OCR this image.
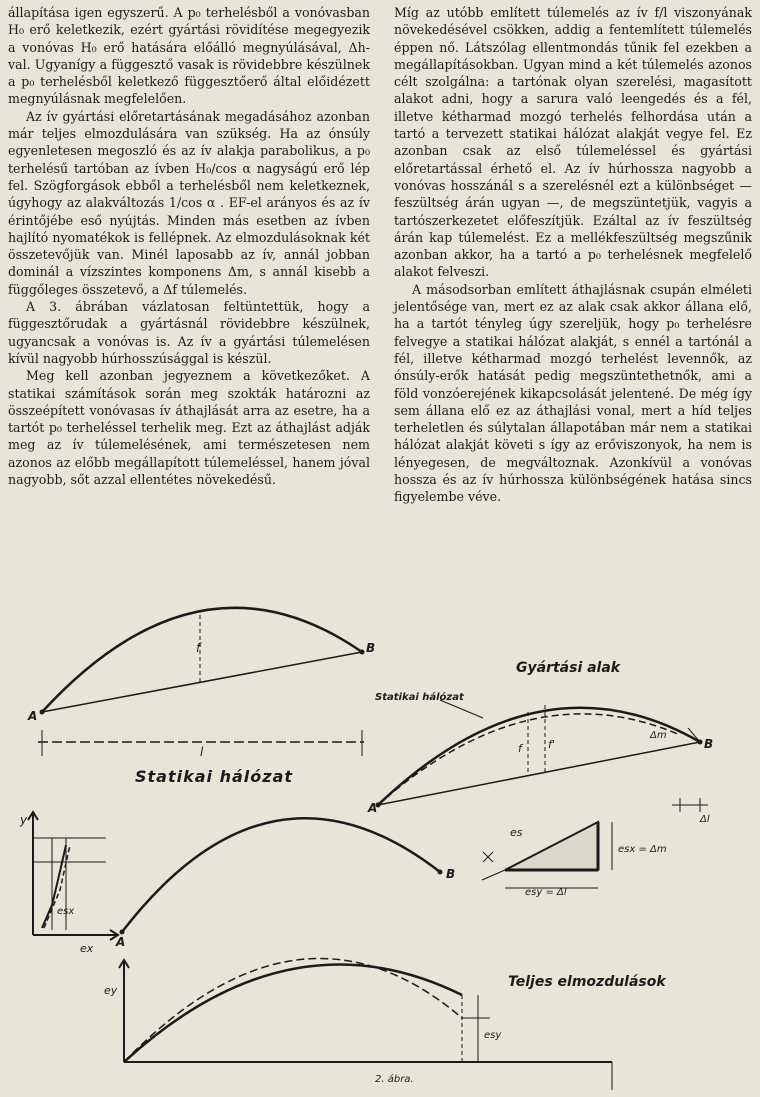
állapítása igen egyszerű. A p₀ terhelésből a vonóvasban H₀ erő keletkezik, ezért gyártási rövidítése megegyezik a vonóvas H₀ erő hatására előálló megnyúlásával, Δh-val. Ugyanígy a függesztő vasak is rövidebbre készülnek a p₀ terhelésből keletkező függesztőerő által előidézett megnyúlásnak megfelelően.

Az ív gyártási előretartásának megadásához azonban már teljes elmozdulására van szükség. Ha az ónsúly egyenletesen megoszló és az ív alakja parabolikus, a p₀ terhelésű tartóban az ívben H₀/cos α nagyságú erő lép fel. Szögforgások ebből a terhelésből nem keletkeznek, úgyhogy az alakváltozás 1/cos α . EF-el arányos és az ív érintőjébe eső nyújtás. Minden más esetben az ívben hajlító nyomatékok is fellépnek. Az elmozdulásoknak két összetevőjük van. Minél laposabb az ív, annál jobban dominál a vízszintes komponens Δm, s annál kisebb a függőleges összetevő, a Δf túlemelés.

A 3. ábrában vázlatosan feltüntettük, hogy a függesztőrudak a gyártásnál rövidebbre készülnek, ugyancsak a vonóvas is. Az ív a gyártási túlemelésen kívül nagyobb húrhosszúsággal is készül.

Meg kell azonban jegyeznem a következőket. A statikai számítások során meg szokták határozni az összeépített vonóvasas ív áthajlását arra az esetre, ha a tartót p₀ terheléssel terhelik meg. Ezt az áthajlást adják meg az ív túlemelésének, ami természetesen nem azonos az előbb megállapított túlemeléssel, hanem jóval nagyobb, sőt azzal ellentétes növekedésű.

Míg az utóbb említett túlemelés az ív f/l viszonyának növekedésével csökken, addig a fentemlített túlemelés éppen nő. Látszólag ellentmondás tűnik fel ezekben a megállapításokban. Ugyan mind a két túlemelés azonos célt szolgálna: a tartónak olyan szerelési, magasított alakot adni, hogy a sarura való leengedés és a fél, illetve kétharmad mozgó terhelés felhordása után a tartó a tervezett statikai hálózat alakját vegye fel. Ez azonban csak az első túlemeléssel és gyártási előretartással érhető el. Az ív húrhossza nagyobb a vonóvas hosszánál s a szerelésnél ezt a különbséget — feszültség árán ugyan —, de megszüntetjük, vagyis a tartószerkezetet előfeszítjük. Ezáltal az ív feszültség árán kap túlemelést. Ez a mellékfeszültség megszűnik azonban akkor, ha a tartó a p₀ terhelésnek megfelelő alakot felveszi.

A másodsorban említett áthajlásnak csupán elméleti jelentősége van, mert ez az alak csak akkor állana elő, ha a tartót tényleg úgy szereljük, hogy p₀ terhelésre felvegye a statikai hálózat alakját, s ennél a tartónál a fél, illetve kétharmad mozgó terhelést levennők, az ónsúly-erők hatását pedig megszüntethetnők, ami a föld vonzóerejének kikapcsolását jelentené. De még így sem állana elő ez az áthajlási vonal, mert a híd teljes terheletlen és súlytalan állapotában már nem a statikai hálózat alakját követi s így az erőviszonyok, ha nem is lényegesen, de megváltoznak. Azonkívül a vonóvas hossza és az ív húrhossza különbségének hatása sincs figyelembe véve.

A
B
f
l
Statikai hálózat
Gyártási alak
Statikai hálózat
A
B
f f'
Δm
Δl
es
esx = Δm
esy = Δl
y
esx
ex A
B
ey
esy
Teljes elmozdulások
2. ábra.
